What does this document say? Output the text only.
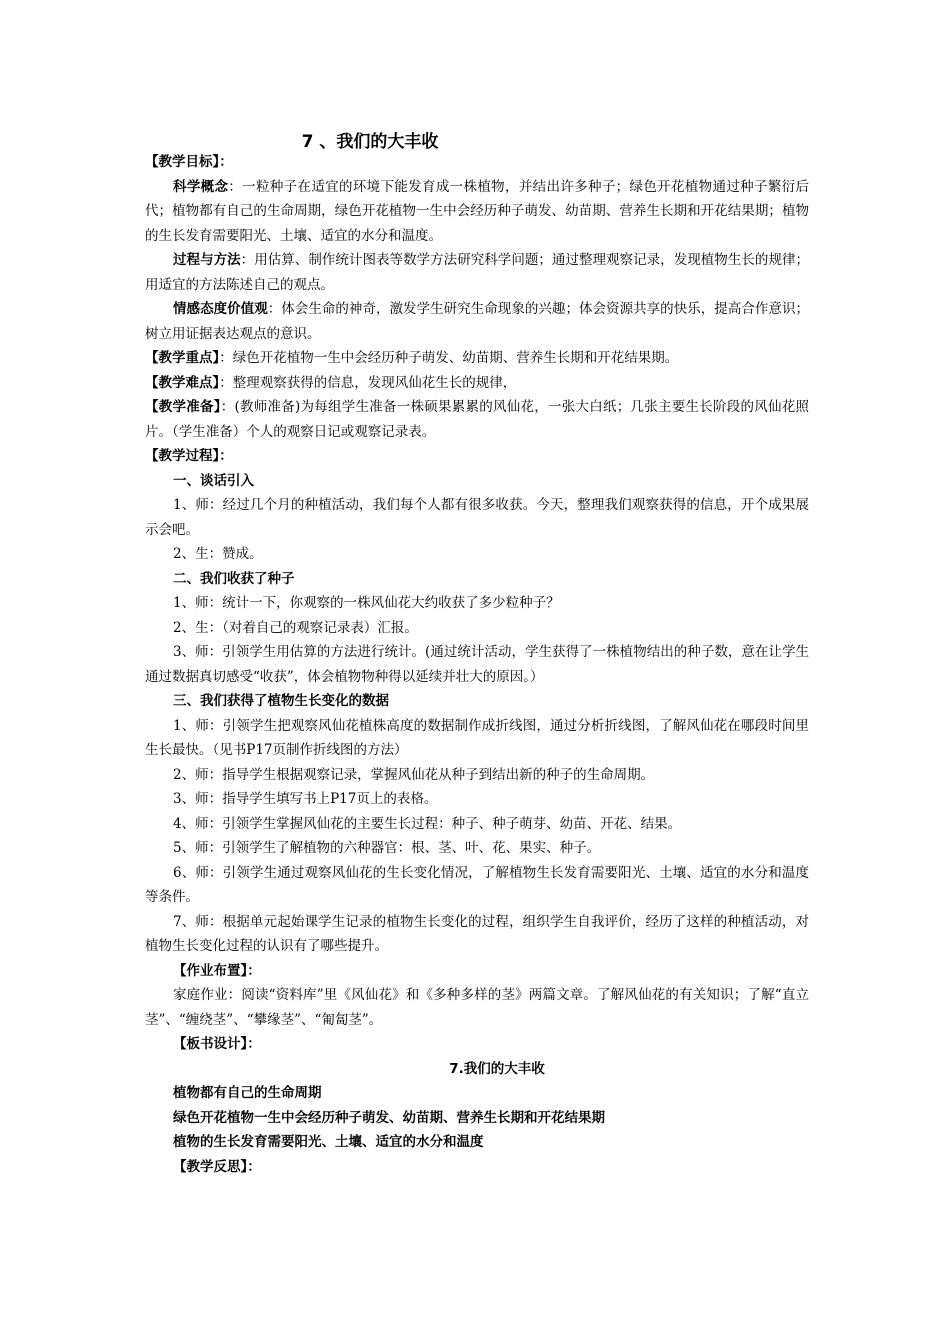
7 、我们的大丰收

【教学目标】：

科学概念：一粒种子在适宜的环境下能发育成一株植物，并结出许多种子；绿色开花植物通过种子繁衍后代；植物都有自己的生命周期，绿色开花植物一生中会经历种子萌发、幼苗期、营养生长期和开花结果期；植物的生长发育需要阳光、土壤、适宜的水分和温度。

过程与方法：用估算、制作统计图表等数学方法研究科学问题；通过整理观察记录，发现植物生长的规律；用适宜的方法陈述自己的观点。

情感态度价值观：体会生命的神奇，激发学生研究生命现象的兴趣；体会资源共享的快乐，提高合作意识；树立用证据表达观点的意识。

【教学重点】：绿色开花植物一生中会经历种子萌发、幼苗期、营养生长期和开花结果期。

【教学难点】：整理观察获得的信息，发现风仙花生长的规律，

【教学准备】：(教师准备)为每组学生准备一株硕果累累的风仙花，一张大白纸；几张主要生长阶段的风仙花照片。（学生准备）个人的观察日记或观察记录表。

【教学过程】：

一、谈话引入

1、师：经过几个月的种植活动，我们每个人都有很多收获。今天，整理我们观察获得的信息，开个成果展示会吧。

2、生：赞成。

二、我们收获了种子

1、师：统计一下，你观察的一株风仙花大约收获了多少粒种子？

2、生：（对着自己的观察记录表）汇报。

3、师：引领学生用估算的方法进行统计。(通过统计活动，学生获得了一株植物结出的种子数，意在让学生通过数据真切感受“收获”，体会植物物种得以延续并壮大的原因。）

三、我们获得了植物生长变化的数据

1、师：引领学生把观察风仙花植株高度的数据制作成折线图，通过分析折线图，了解风仙花在哪段时间里生长最快。（见书P17页制作折线图的方法）

2、师：指导学生根据观察记录，掌握风仙花从种子到结出新的种子的生命周期。

3、师：指导学生填写书上P17页上的表格。

4、师：引领学生掌握风仙花的主要生长过程：种子、种子萌芽、幼苗、开花、结果。

5、师：引领学生了解植物的六种器官：根、茎、叶、花、果实、种子。

6、师：引领学生通过观察风仙花的生长变化情况，了解植物生长发育需要阳光、土壤、适宜的水分和温度等条件。

7、师：根据单元起始课学生记录的植物生长变化的过程，组织学生自我评价，经历了这样的种植活动，对植物生长变化过程的认识有了哪些提升。

【作业布置】：

家庭作业：阅读“资料库”里《风仙花》和《多种多样的茎》两篇文章。了解风仙花的有关知识；了解“直立茎”、“缠绕茎”、“攀缘茎”、“匍匐茎”。

【板书设计】：

7.我们的大丰收

植物都有自己的生命周期

绿色开花植物一生中会经历种子萌发、幼苗期、营养生长期和开花结果期

植物的生长发育需要阳光、土壤、适宜的水分和温度

【教学反思】：
